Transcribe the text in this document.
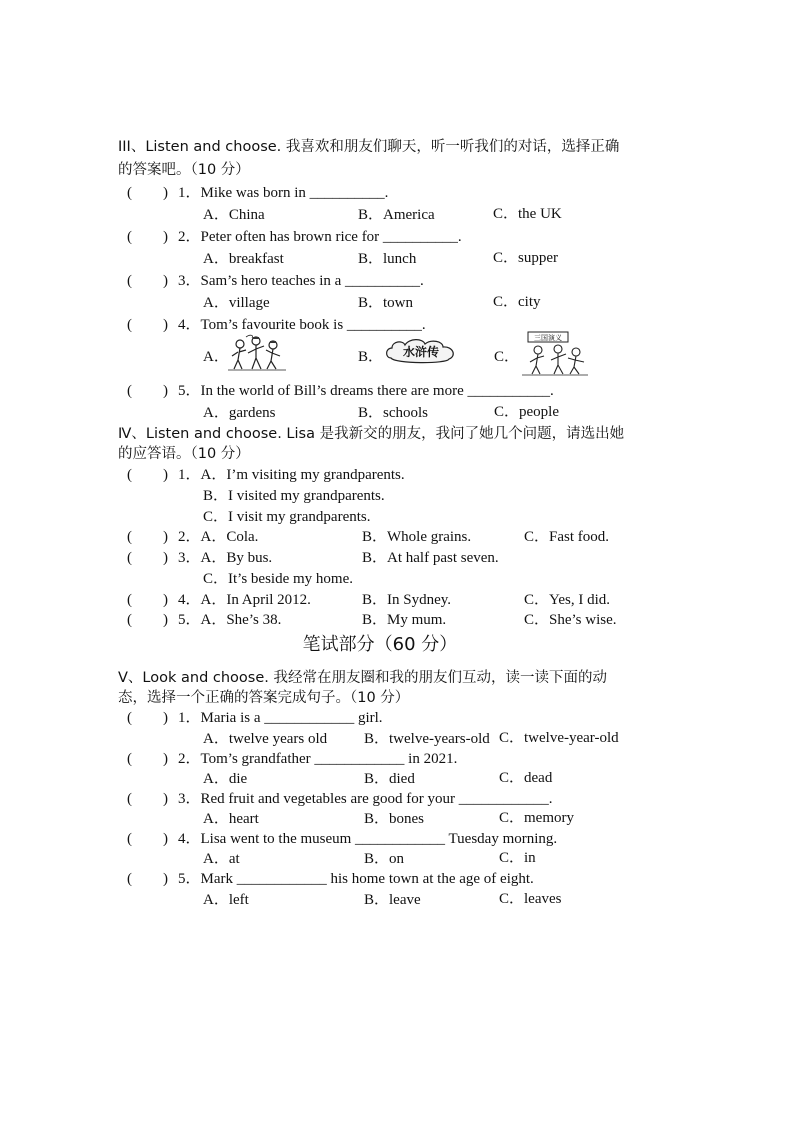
III、Listen and choose. 我喜欢和朋友们聊天，听一听我们的对话，选择正确
的答案吧。（10 分）
( ) 1．Mike was born in __________.
A．China	B．America	C．the UK
( ) 2．Peter often has brown rice for __________.
A．breakfast	B．lunch	C．supper
( ) 3．Sam’s hero teaches in a __________.
A．village	B．town	C．city
( ) 4．Tom’s favourite book is __________.
A．	B．	C．
水浒传
三国演义
( ) 5．In the world of Bill’s dreams there are more ___________.
A．gardens	B．schools	C．people
Ⅳ、Listen and choose. Lisa 是我新交的朋友，我问了她几个问题，请选出她
的应答语。（10 分）
( ) 1．A．I’m visiting my grandparents.
B．I visited my grandparents.
C．I visit my grandparents.
( ) 2．A．Cola.	B．Whole grains.	C．Fast food.
( ) 3．A．By bus.	B．At half past seven.
C．It’s beside my home.
( ) 4．A．In April 2012.	B．In Sydney.	C．Yes, I did.
( ) 5．A．She’s 38.	B．My mum.	C．She’s wise.
笔试部分（60 分）
Ⅴ、Look and choose. 我经常在朋友圈和我的朋友们互动，读一读下面的动
态，选择一个正确的答案完成句子。（10 分）
( ) 1．Maria is a ____________ girl.
A．twelve years old B．twelve-years-old C．twelve-year-old
( ) 2．Tom’s grandfather ____________ in 2021.
A．die	B．died	C．dead
( ) 3．Red fruit and vegetables are good for your ____________.
A．heart	B．bones	C．memory
( ) 4．Lisa went to the museum ____________ Tuesday morning.
A．at	B．on	C．in
( ) 5．Mark ____________ his home town at the age of eight.
A．left	B．leave	C．leaves
